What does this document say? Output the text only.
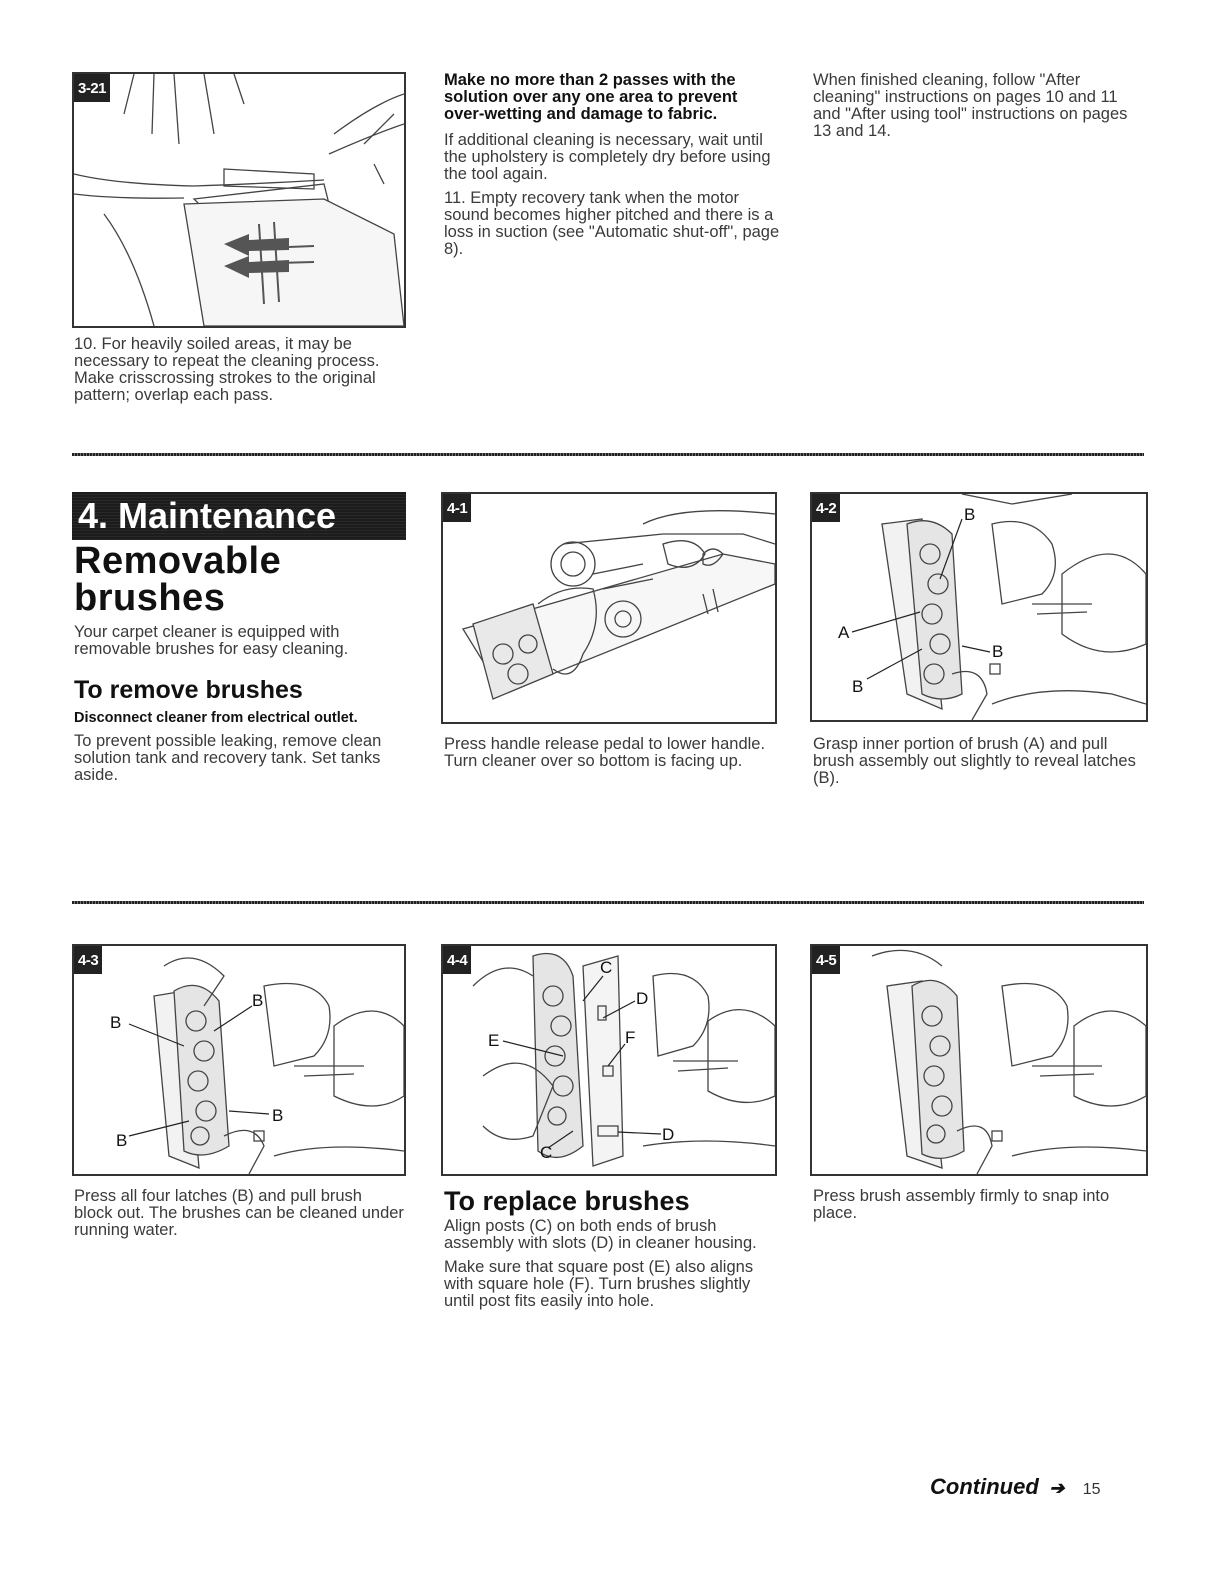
3-21

10. For heavily soiled areas, it may be necessary to repeat the cleaning process. Make crisscrossing strokes to the original pattern; overlap each pass.

Make no more than 2 passes with the solution over any one area to prevent over-wetting and damage to fabric.

If additional cleaning is necessary, wait until the upholstery is completely dry before using the tool again.

11. Empty recovery tank when the motor sound becomes higher pitched and there is a loss in suction (see "Automatic shut-off", page 8).

When finished cleaning, follow "After cleaning" instructions on pages 10 and 11 and "After using tool" instructions on pages 13 and 14.

4. Maintenance
Removable
brushes

Your carpet cleaner is equipped with removable brushes for easy cleaning.

To remove brushes

Disconnect cleaner from electrical outlet.

To prevent possible leaking, remove clean solution tank and recovery tank. Set tanks aside.

4-1

Press handle release pedal to lower handle. Turn cleaner over so bottom is facing up.

B
A
B
B
4-2

Grasp inner portion of brush (A) and pull brush assembly out slightly to reveal latches (B).

B
B
B
B
4-3

Press all four latches (B) and pull brush block out. The brushes can be cleaned under running water.

C
D
E	F
D
C
4-4
To replace brushes

Align posts (C) on both ends of brush assembly with slots (D) in cleaner housing.

Make sure that square post (E) also aligns with square hole (F). Turn brushes slightly until post fits easily into hole.

4-5

Press brush assembly firmly to snap into place.

Continued ➔ 15
